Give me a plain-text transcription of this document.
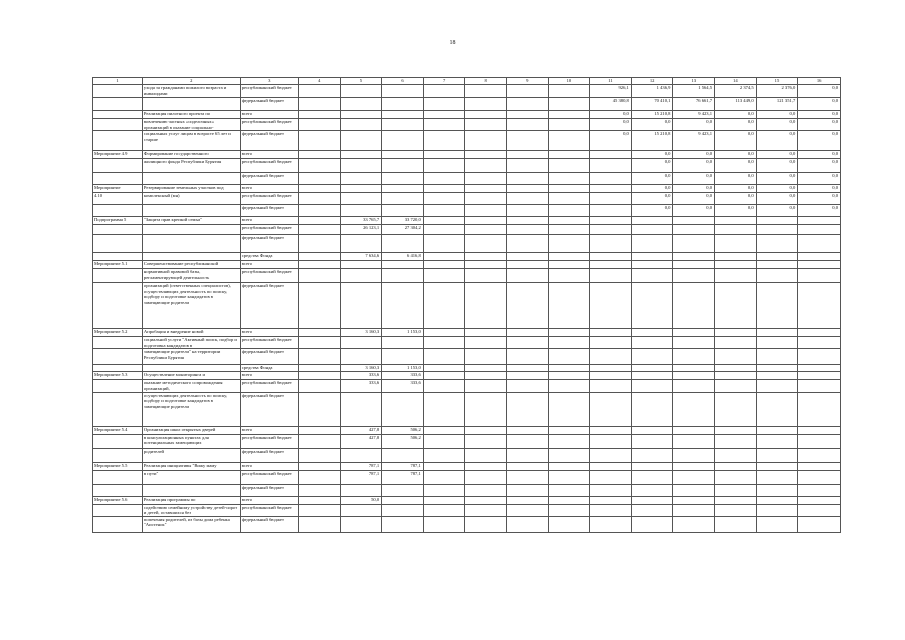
18
1	2	3	4	5	6	7	8	9	10	11	12	13	14	15	16
	ухода за гражданами пожилого возраста и инвалидами	республиканский бюджет								926,1	1 436,9	1 564,5	2 374,5	2 376,0	0,0
		федеральный бюджет								45 380,8	70 410,1	76 661,7	113 449,0	121 351,7	0,0
	Реализация пилотного проекта по	всего								0,0	15 210,8	9 423,1	0,0	0,0	0,0
	вовлечению частных «сиделочных» организаций в оказание социально-	республиканский бюджет								0,0	0,0	0,0	0,0	0,0	0,0
	социальных услуг лицам в возрасте 65 лет и старше	федеральный бюджет								0,0	15 210,8	9 423,1	0,0	0,0	0,0
Мероприятие 4.9	Формирование государственного	всего									0,0	0,0	0,0	0,0	0,0
	жилищного фонда Республики Бурятия	республиканский бюджет									0,0	0,0	0,0	0,0	0,0
		федеральный бюджет									0,0	0,0	0,0	0,0	0,0
Мероприятие	Резервирование земельных участков под	всего									0,0	0,0	0,0	0,0	0,0
4.10	комплексный (мн)	республиканский бюджет									0,0	0,0	0,0	0,0	0,0
		федеральный бюджет									0,0	0,0	0,0	0,0	0,0
Подпрограмма 5	"Защита прав крепкой семьи"	всего		33 765,7	33 720,0										
		республиканский бюджет		26 123,1	27 304,2										
		федеральный бюджет													
		средства Фонда		7 634,6	6 416,8										
Мероприятие 5.1	Совершенствование республиканской	всего													
	нормативной правовой базы, регламентирующей деятельность	республиканский бюджет													
	организаций (ответственных специалистов), осуществляющих деятельность по поиску, подбору и подготовке кандидатов в замещающие родители	федеральный бюджет													
Мероприятие 5.2	Апробация и внедрение новой	всего		3 160,3	1 153,0										
	социальной услуги "Активный поиск, подбор и подготовка кандидатов в	республиканский бюджет													
	замещающие родители" на территории Республики Бурятия	федеральный бюджет													
		средства Фонда		3 160,3	1 153,0										
Мероприятие 5.3	Осуществление мониторинга и	всего		333,6	333,6										
	оказание методического сопровождения организаций,	республиканский бюджет		333,6	333,6										
	осуществляющих деятельность по поиску, подбору и подготовке кандидатов в замещающие родители	федеральный бюджет													
Мероприятие 5.4	Организация школ открытых дверей	всего		427,8	506,2										
	в консультационных пунктах для потенциальных замещающих	республиканский бюджет		427,8	506,2										
	родителей	федеральный бюджет													
Мероприятие 5.5	Реализация инициативы "Вижу маму	всего		787,1	787,1										
	в пути"	республиканский бюджет		787,1	787,1										
		федеральный бюджет													
Мероприятие 5.6	Реализация программы по	всего		50,0											
	содействию семейному устройству детей-сирот и детей, оставшихся без	республиканский бюджет													
	попечения родителей, из базы дома ребенка "Аистенок"	федеральный бюджет													
